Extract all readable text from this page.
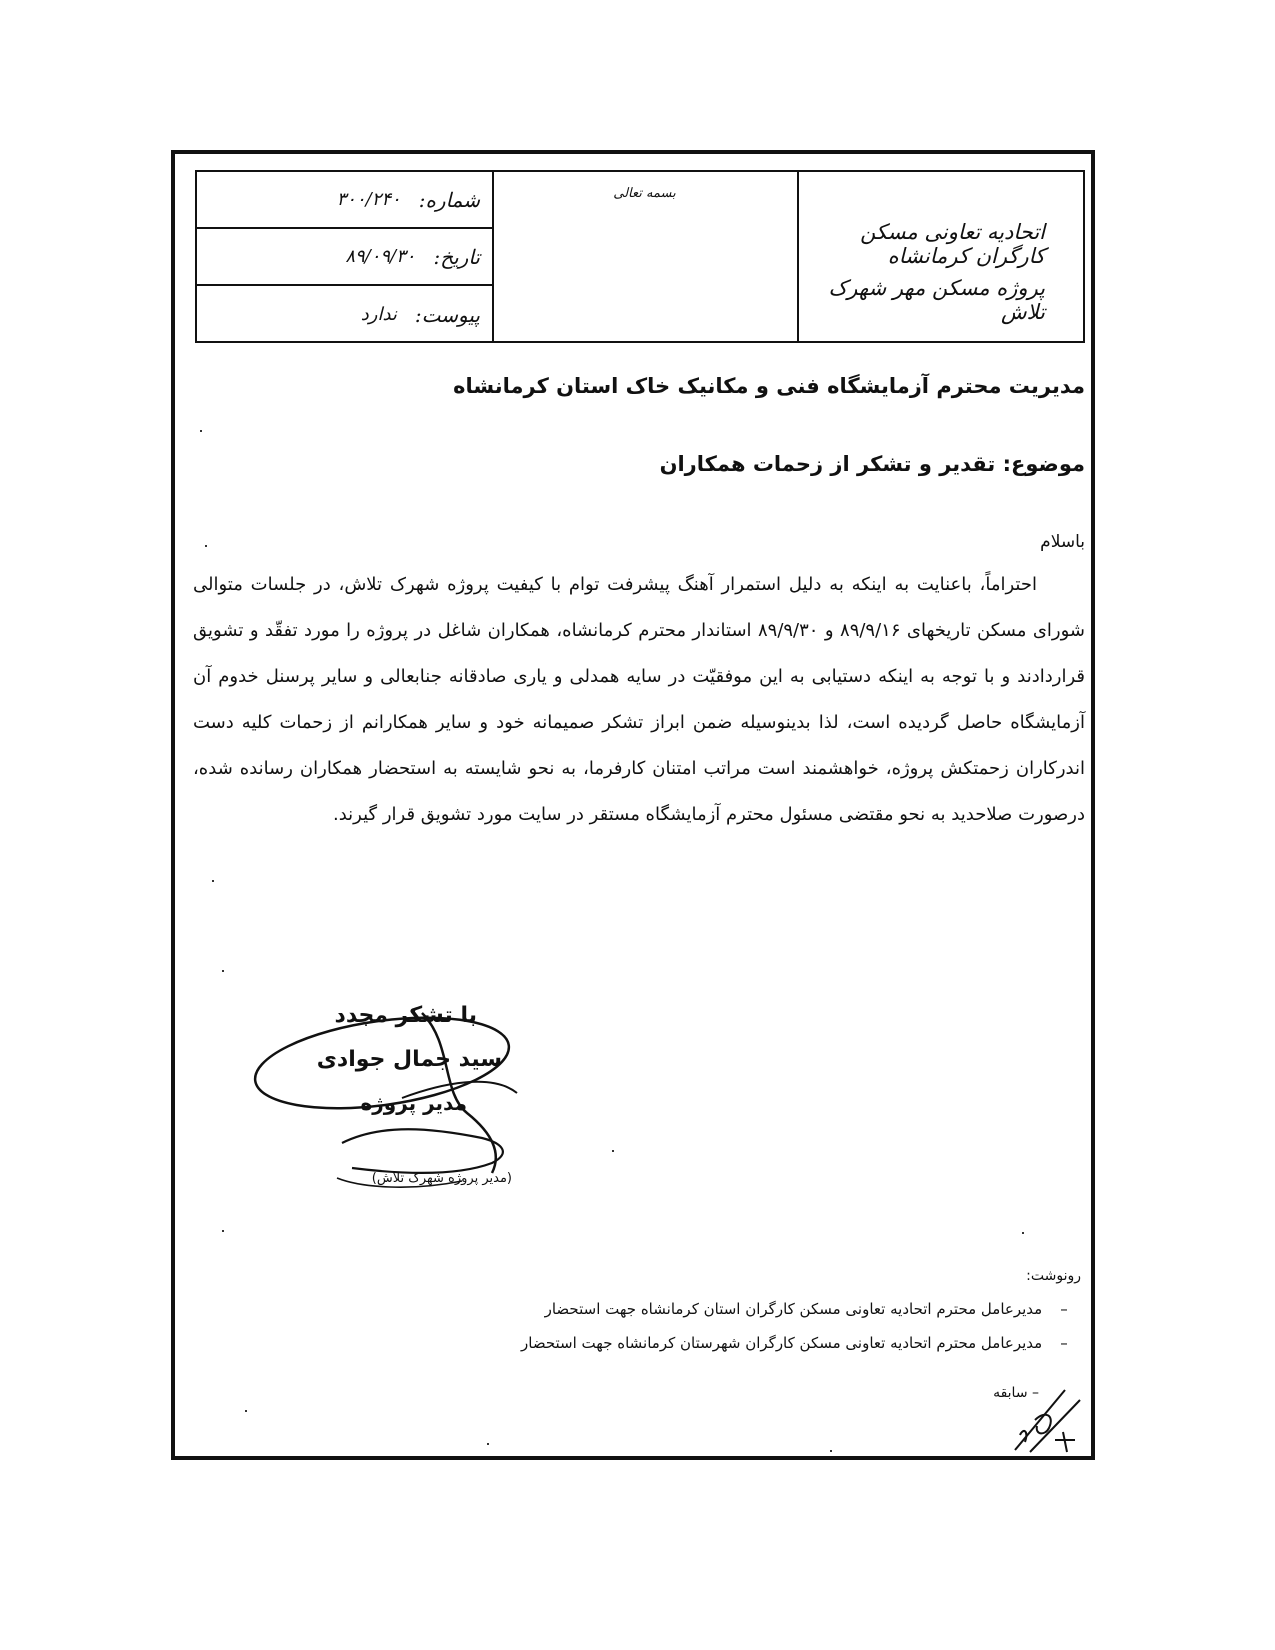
شماره:
۳۰۰/۲۴۰
تاریخ:
۸۹/۰۹/۳۰
پیوست:
ندارد
بسمه تعالی
اتحادیه تعاونی مسکن کارگران کرمانشاه
پروژه مسکن مهر شهرک تلاش
مدیریت محترم آزمایشگاه فنی و مکانیک خاک استان کرمانشاه
موضوع: تقدیر و تشکر از زحمات همکاران
باسلام

احتراماً، باعنایت به اینکه به دلیل استمرار آهنگ پیشرفت توام با کیفیت پروژه شهرک تلاش، در جلسات متوالی شورای مسکن تاریخهای ۸۹/۹/۱۶ و ۸۹/۹/۳۰ استاندار محترم کرمانشاه، همکاران شاغل در پروژه را مورد تفقّد و تشویق قراردادند و با توجه به اینکه دستیابی به این موفقیّت در سایه همدلی و یاری صادقانه جنابعالی و سایر پرسنل خدوم آن آزمایشگاه حاصل گردیده است، لذا بدینوسیله ضمن ابراز تشکر صمیمانه خود و سایر همکارانم از زحمات کلیه دست اندرکاران زحمتکش پروژه، خواهشمند است مراتب امتنان کارفرما، به نحو شایسته به استحضار همکاران رسانده شده، درصورت صلاحدید به نحو مقتضی مسئول محترم آزمایشگاه مستقر در سایت مورد تشویق قرار گیرند.

با تشکر مجدد
سید جمال جوادی
مدیر پروژه
(مدیر پروژه شهرک تلاش)
رونوشت:
– مدیرعامل محترم اتحادیه تعاونی مسکن کارگران استان کرمانشاه جهت استحضار
– مدیرعامل محترم اتحادیه تعاونی مسکن کارگران شهرستان کرمانشاه جهت استحضار
– سابقه
